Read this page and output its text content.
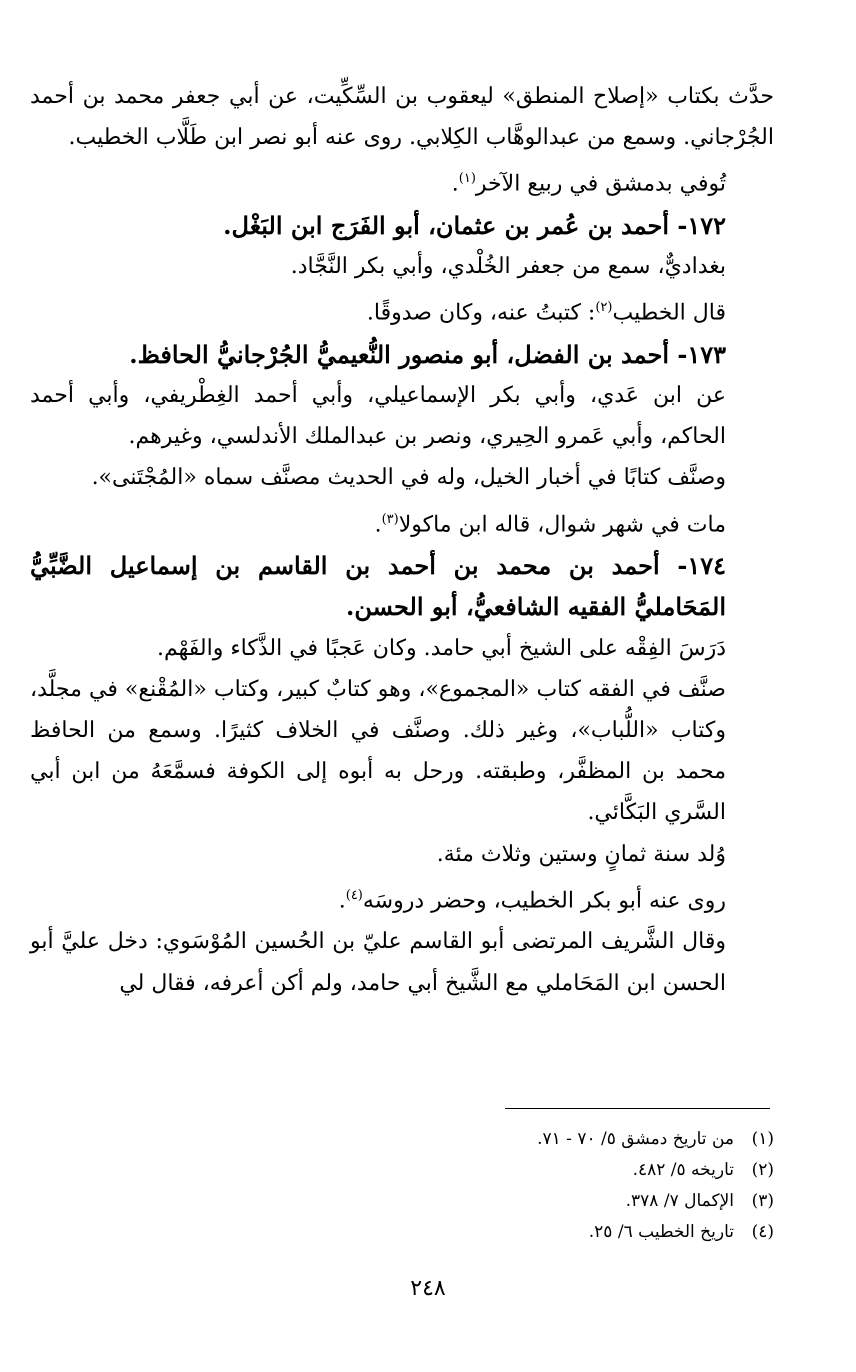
حدَّث بكتاب «إصلاح المنطق» ليعقوب بن السِّكِّيت، عن أبي جعفر محمد بن أحمد الجُرْجاني. وسمع من عبدالوهَّاب الكِلابي. روى عنه أبو نصر ابن طَلَّاب الخطيب.

تُوفي بدمشق في ربيع الآخر$^{(١)}$.

١٧٢- أحمد بن عُمر بن عثمان، أبو الفَرَج ابن البَغْل.

بغداديٌّ، سمع من جعفر الخُلْدي، وأبي بكر النَّجَّاد.

قال الخطيب$^{(٢)}$: كتبتُ عنه، وكان صدوقًا.

١٧٣- أحمد بن الفضل، أبو منصور النُّعيميُّ الجُرْجانيُّ الحافظ.

عن ابن عَدي، وأبي بكر الإسماعيلي، وأبي أحمد الغِطْريفي، وأبي أحمد الحاكم، وأبي عَمرو الحِيري، ونصر بن عبدالملك الأندلسي، وغيرهم.

وصنَّف كتابًا في أخبار الخيل، وله في الحديث مصنَّف سماه «المُجْتَنى».

مات في شهر شوال، قاله ابن ماكولا$^{(٣)}$.

١٧٤- أحمد بن محمد بن أحمد بن القاسم بن إسماعيل الضَّبِّيُّ المَحَامليُّ الفقيه الشافعيُّ، أبو الحسن.

دَرَسَ الفِقْه على الشيخ أبي حامد. وكان عَجبًا في الذَّكاء والفَهْم.

صنَّف في الفقه كتاب «المجموع»، وهو كتابٌ كبير، وكتاب «المُقْنع» في مجلَّد، وكتاب «اللُّباب»، وغير ذلك. وصنَّف في الخلاف كثيرًا. وسمع من الحافظ محمد بن المظفَّر، وطبقته. ورحل به أبوه إلى الكوفة فسمَّعَهُ من ابن أبي السَّري البَكَّائي.

وُلد سنة ثمانٍ وستين وثلاث مئة.

روى عنه أبو بكر الخطيب، وحضر دروسَه$^{(٤)}$.

وقال الشَّريف المرتضى أبو القاسم عليّ بن الحُسين المُوْسَوي: دخل عليَّ أبو الحسن ابن المَحَاملي مع الشَّيخ أبي حامد، ولم أكن أعرفه، فقال لي

(١)من تاريخ دمشق ٥/ ٧٠ - ٧١.
(٢)تاريخه ٥/ ٤٨٢.
(٣)الإكمال ٧/ ٣٧٨.
(٤)تاريخ الخطيب ٦/ ٢٥.
٢٤٨
